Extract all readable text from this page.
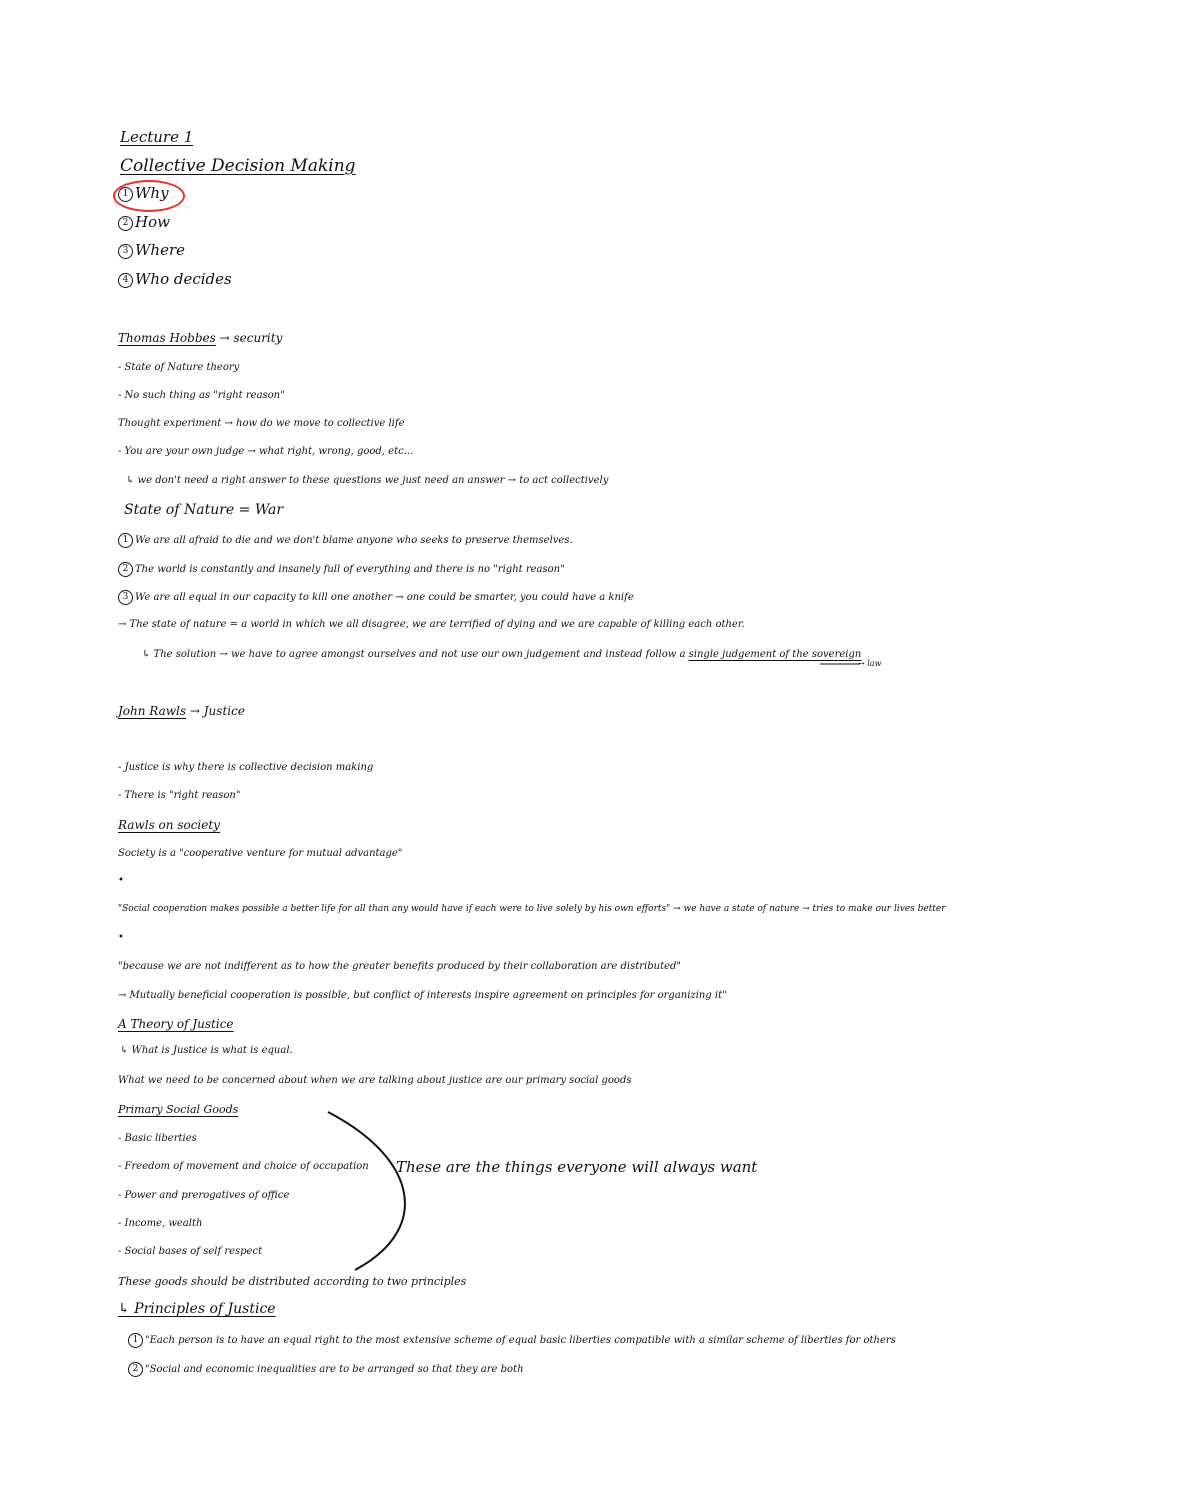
Lecture 1
Collective Decision Making
1 Why
2 How
3 Where
4 Who decides
Thomas Hobbes → security
- State of Nature theory
- No such thing as "right reason"
Thought experiment → how do we move to collective life
- You are your own judge → what right, wrong, good, etc...
↳ we don't need a right answer to these questions we just need an answer → to act collectively
State of Nature = War
1 We are all afraid to die and we don't blame anyone who seeks to preserve themselves.
2 The world is constantly and insanely full of everything and there is no "right reason"
3 We are all equal in our capacity to kill one another → one could be smarter, you could have a knife
→ The state of nature = a world in which we all disagree, we are terrified of dying and we are capable of killing each other.
↳ The solution → we have to agree amongst ourselves and not use our own judgement and instead follow a single judgement of the sovereign
→ law
John Rawls → Justice
- Justice is why there is collective decision making
- There is "right reason"
Rawls on society
Society is a "cooperative venture for mutual advantage"
•
"Social cooperation makes possible a better life for all than any would have if each were to live solely by his own efforts" → we have a state of nature → tries to make our lives better
•
"because we are not indifferent as to how the greater benefits produced by their collaboration are distributed"
→ Mutually beneficial cooperation is possible, but conflict of interests inspire agreement on principles for organizing it"
A Theory of Justice
↳ What is Justice is what is equal.
What we need to be concerned about when we are talking about justice are our primary social goods
Primary Social Goods
- Basic liberties
- Freedom of movement and choice of occupation
- Power and prerogatives of office
- Income, wealth
- Social bases of self respect
These are the things everyone will always want
These goods should be distributed according to two principles
↳ Principles of Justice
1 "Each person is to have an equal right to the most extensive scheme of equal basic liberties compatible with a similar scheme of liberties for others
2 "Social and economic inequalities are to be arranged so that they are both
